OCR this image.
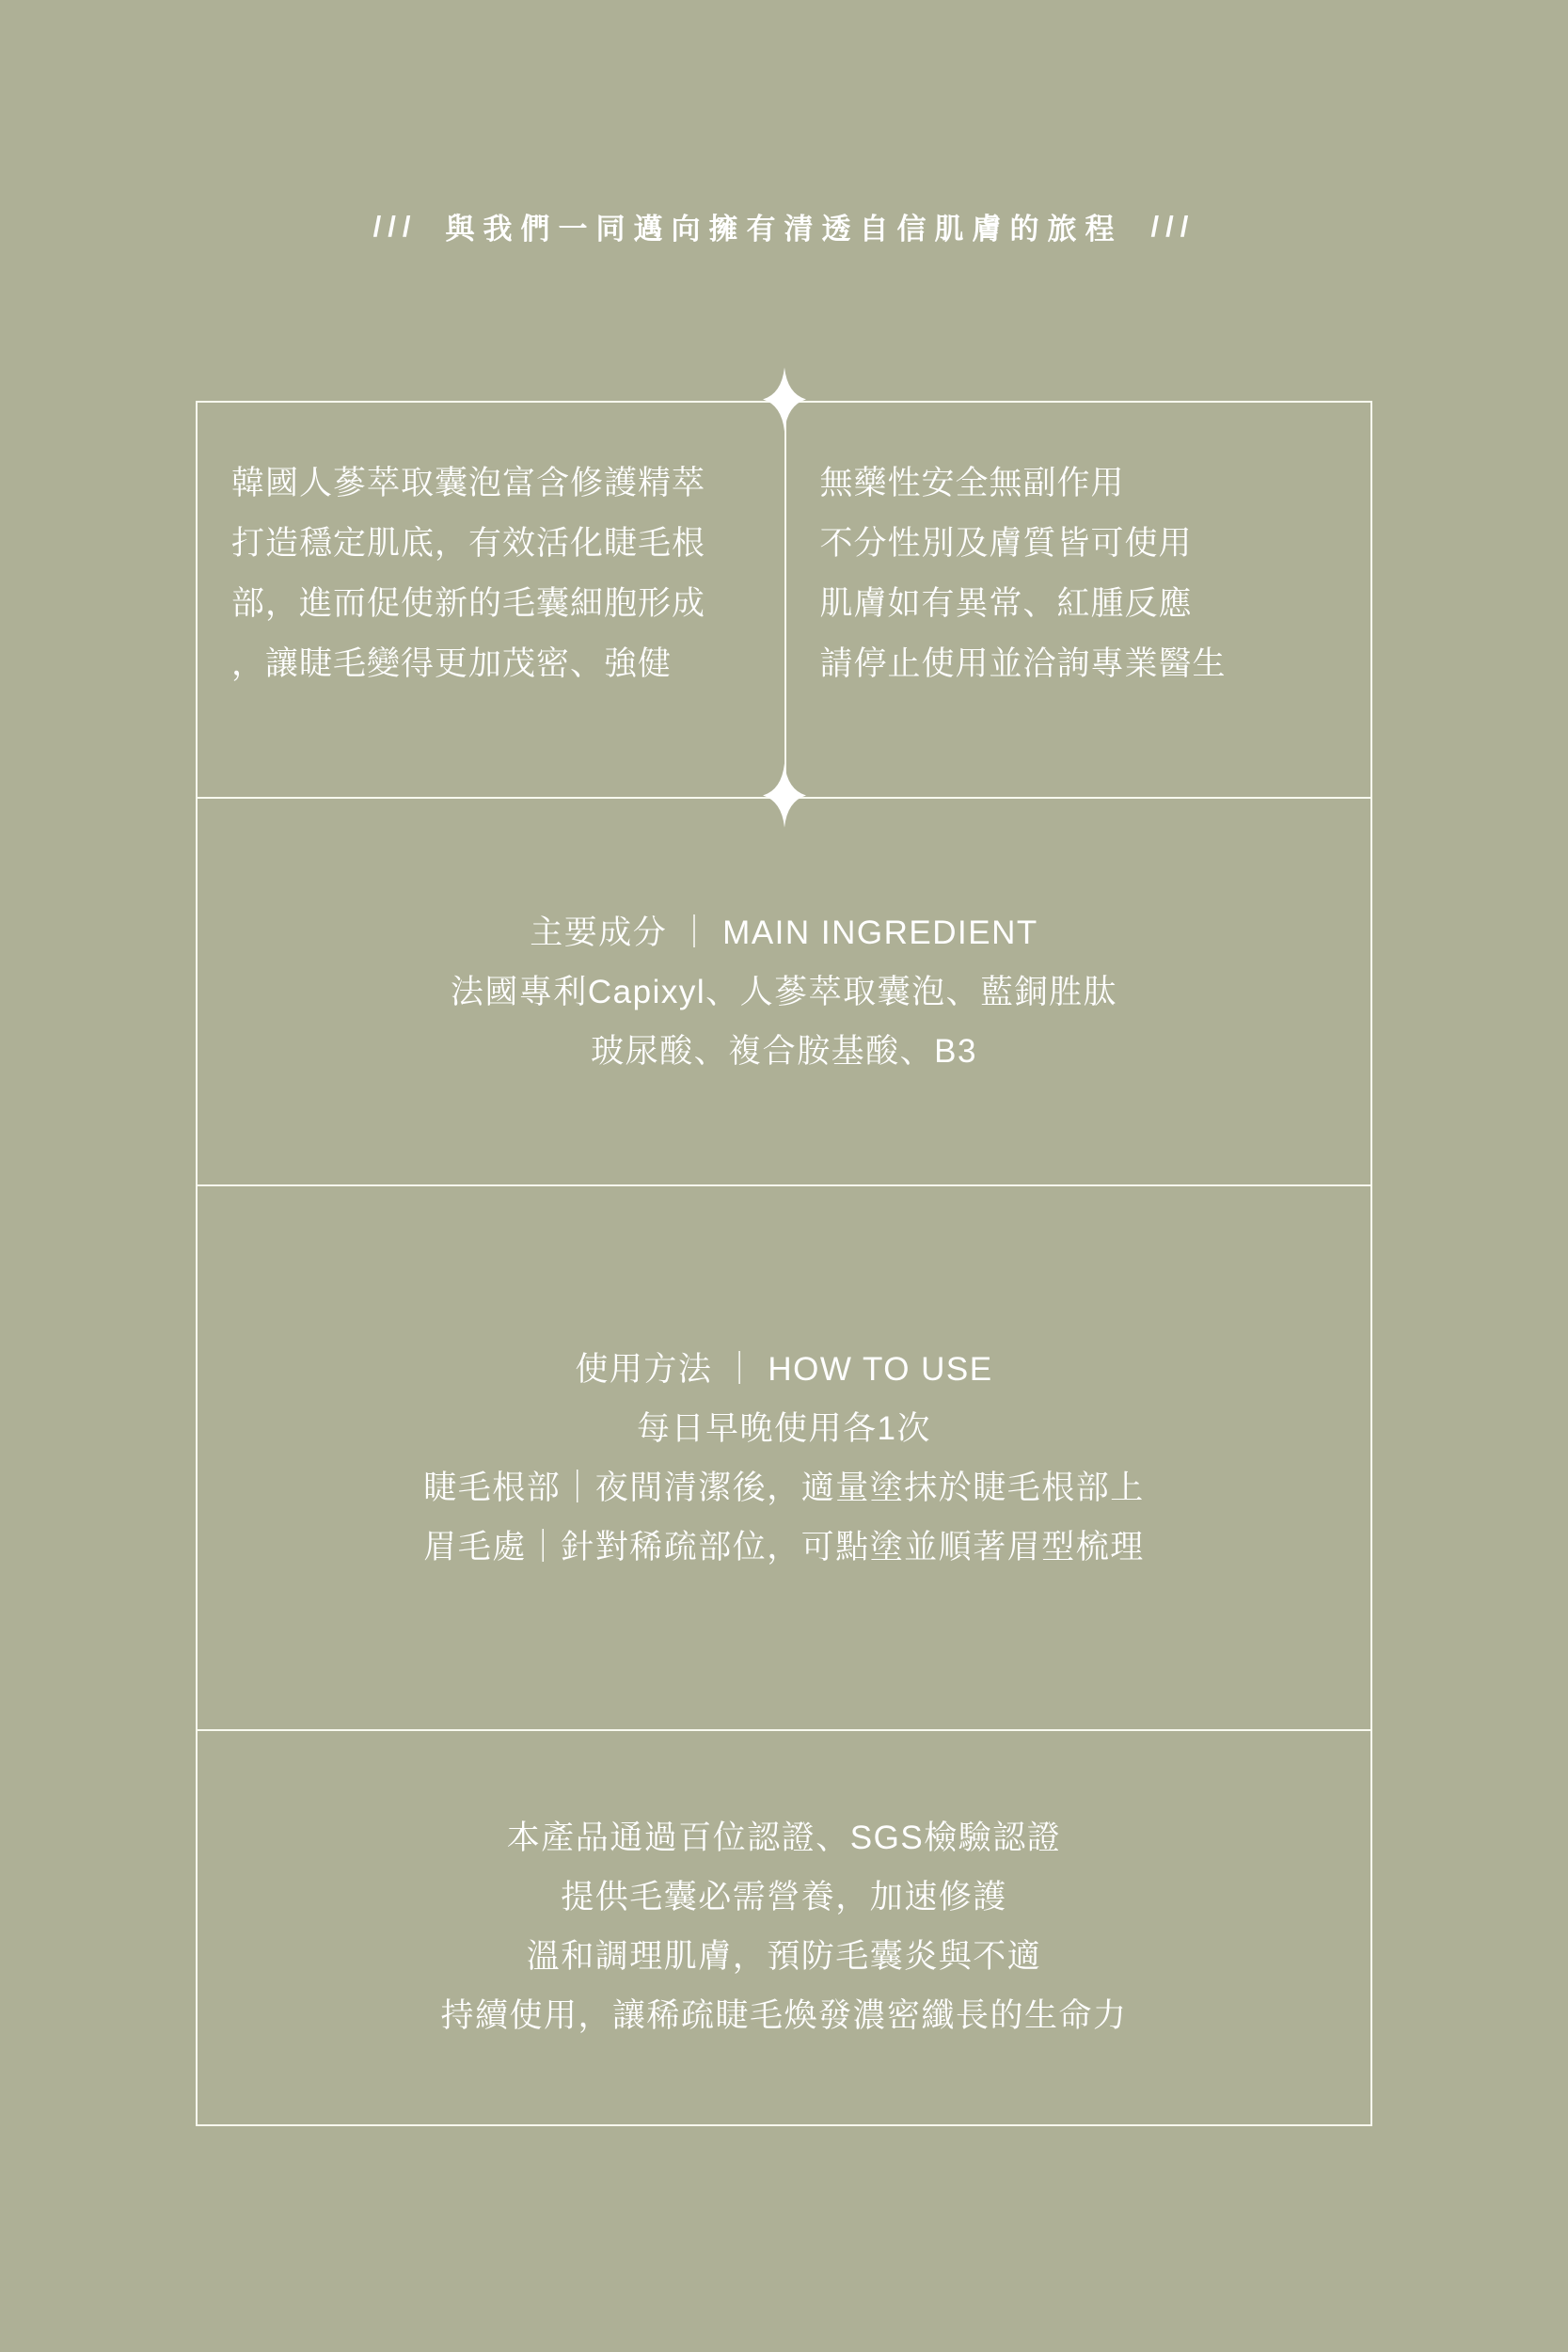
/// 與我們一同邁向擁有清透自信肌膚的旅程 ///
韓國人蔘萃取囊泡富含修護精萃
打造穩定肌底，有效活化睫毛根
部，進而促使新的毛囊細胞形成
，讓睫毛變得更加茂密、強健
無藥性安全無副作用
不分性別及膚質皆可使用
肌膚如有異常、紅腫反應
請停止使用並洽詢專業醫生
主要成分 ｜ MAIN INGREDIENT
法國專利Capixyl、人蔘萃取囊泡、藍銅胜肽
玻尿酸、複合胺基酸、B3
使用方法 ｜ HOW TO USE
每日早晚使用各1次
睫毛根部｜夜間清潔後，適量塗抹於睫毛根部上
眉毛處｜針對稀疏部位，可點塗並順著眉型梳理
本產品通過百位認證、SGS檢驗認證
提供毛囊必需營養，加速修護
溫和調理肌膚，預防毛囊炎與不適
持續使用，讓稀疏睫毛煥發濃密纖長的生命力
